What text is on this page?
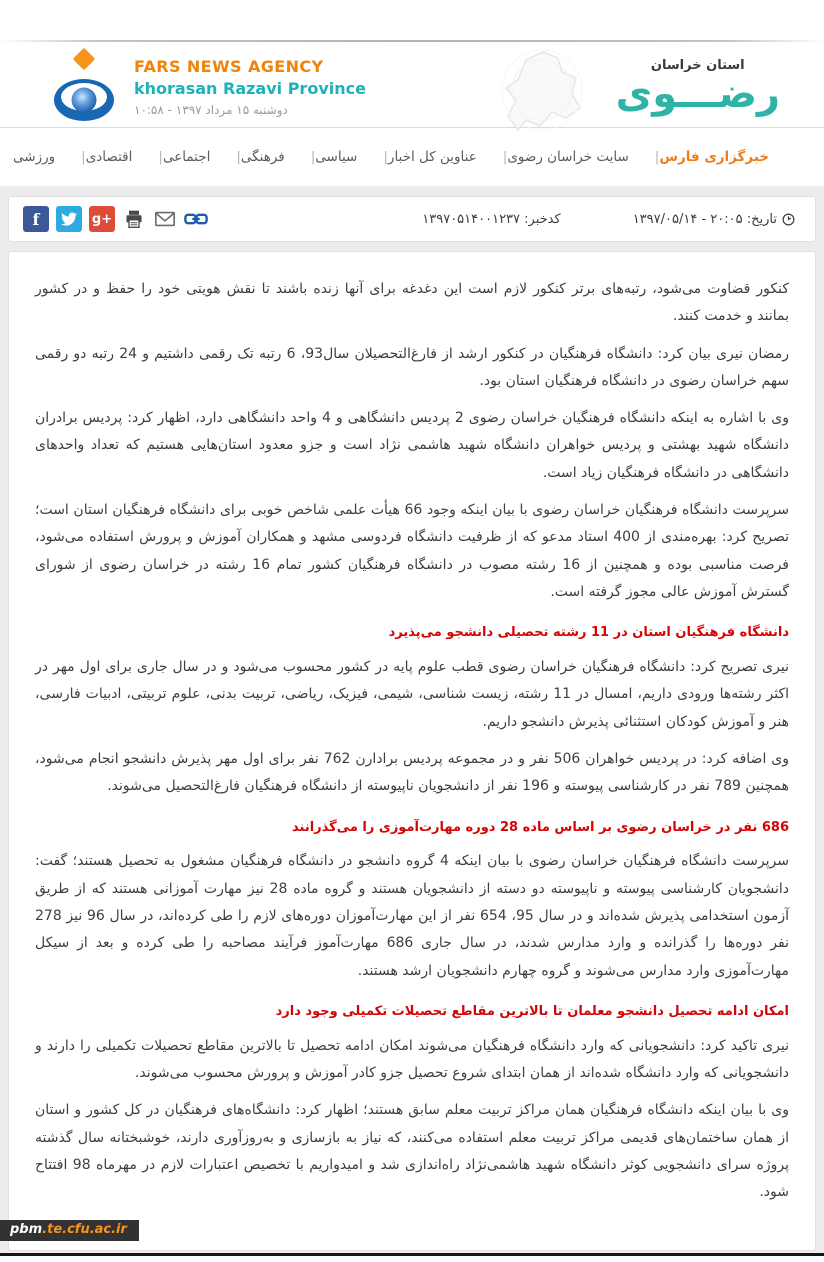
FARS NEWS AGENCY
khorasan Razavi Province
دوشنبه ۱۵ مرداد ۱۳۹۷ - ۱۰:۵۸
استان خراسان
رضـــوی
خبرگزاری فارس
| سایت خراسان رضوی
| عناوین کل اخبار
| سیاسی
| فرهنگی
| اجتماعی
| اقتصادی
| ورزشی
f	g+	تاریخ: ۲۰:۰۵ - ۱۳۹۷/۰۵/۱۴
کدخبر: ۱۳۹۷۰۵۱۴۰۰۱۲۳۷

کنکور قضاوت می‌شود، رتبه‌های برتر کنکور لازم است این دغدغه برای آنها زنده باشند تا نقش هویتی خود را حفظ و در کشور بمانند و خدمت کنند.

رمضان نیری بیان کرد: دانشگاه فرهنگیان در کنکور ارشد از فارغ‌التحصیلان سال93، 6 رتبه تک رقمی داشتیم و 24 رتبه دو رقمی سهم خراسان رضوی در دانشگاه فرهنگیان استان بود.

وی با اشاره به اینکه دانشگاه فرهنگیان خراسان رضوی 2 پردیس دانشگاهی و 4 واحد دانشگاهی دارد، اظهار کرد: پردیس برادران دانشگاه شهید بهشتی و پردیس خواهران دانشگاه شهید هاشمی نژاد است و جزو معدود استان‌هایی هستیم که تعداد واحدهای دانشگاهی در دانشگاه فرهنگیان زیاد است.

سرپرست دانشگاه فرهنگیان خراسان رضوی با بیان اینکه وجود 66 هیأت علمی شاخص خوبی برای دانشگاه فرهنگیان استان است؛ تصریح کرد: بهره‌مندی از 400 استاد مدعو که از ظرفیت دانشگاه فردوسی مشهد و همکاران آموزش و پرورش استفاده می‌شود، فرصت مناسبی بوده و همچنین از 16 رشته مصوب در دانشگاه فرهنگیان کشور تمام 16 رشته در خراسان رضوی از شورای گسترش آموزش عالی مجوز گرفته است.

دانشگاه فرهنگیان استان در 11 رشته تحصیلی دانشجو می‌پذیرد

نیری تصریح کرد: دانشگاه فرهنگیان خراسان رضوی قطب علوم پایه در کشور محسوب می‌شود و در سال جاری برای اول مهر در اکثر رشته‌ها ورودی داریم، امسال در 11 رشته، زیست شناسی، شیمی، فیزیک، ریاضی، تربیت بدنی، علوم تربیتی، ادبیات فارسی، هنر و آموزش کودکان استثنائی پذیرش دانشجو داریم.

وی اضافه کرد: در پردیس خواهران 506 نفر و در مجموعه پردیس برادارن 762 نفر برای اول مهر پذیرش دانشجو انجام می‌شود، همچنین 789 نفر در کارشناسی پیوسته و 196 نفر از دانشجویان ناپیوسته از دانشگاه فرهنگیان فارغ‌التحصیل می‌شوند.

686 نفر در خراسان رضوی بر اساس ماده 28 دوره مهارت‌آموزی را می‌گذرانند

سرپرست دانشگاه فرهنگیان خراسان رضوی با بیان اینکه 4 گروه دانشجو در دانشگاه فرهنگیان مشغول به تحصیل هستند؛ گفت: دانشجویان کارشناسی پیوسته و ناپیوسته دو دسته از دانشجویان هستند و گروه ماده 28 نیز مهارت آموزانی هستند که از طریق آزمون استخدامی پذیرش شده‌اند و در سال 95، 654 نفر از این مهارت‌آموزان دوره‌های لازم را طی کرده‌اند، در سال 96 نیز 278 نفر دوره‌ها را گذرانده و وارد مدارس شدند، در سال جاری 686 مهارت‌آموز فرآیند مصاحبه را طی کرده و بعد از سیکل مهارت‌آموزی وارد مدارس می‌شوند و گروه چهارم دانشجویان ارشد هستند.

امکان ادامه تحصیل دانشجو معلمان تا بالاترین مقاطع تحصیلات تکمیلی وجود دارد

نیری تاکید کرد: دانشجویانی که وارد دانشگاه فرهنگیان می‌شوند امکان ادامه تحصیل تا بالاترین مقاطع تحصیلات تکمیلی را دارند و دانشجویانی که وارد دانشگاه شده‌اند از همان ابتدای شروع تحصیل جزو کادر آموزش و پرورش محسوب می‌شوند.

وی با بیان اینکه دانشگاه فرهنگیان همان مراکز تربیت معلم سابق هستند؛ اظهار کرد: دانشگاه‌های فرهنگیان در کل کشور و استان از همان ساختمان‌های قدیمی مراکز تربیت معلم استفاده می‌کنند، که نیاز به بازسازی و به‌روزآوری دارند، خوشبختانه سال گذشته پروژه سرای دانشجویی کوثر دانشگاه شهید هاشمی‌نژاد راه‌اندازی شد و امیدواریم با تخصیص اعتبارات لازم در مهرماه 98 افتتاح شود.

pbm.te.cfu.ac.ir
